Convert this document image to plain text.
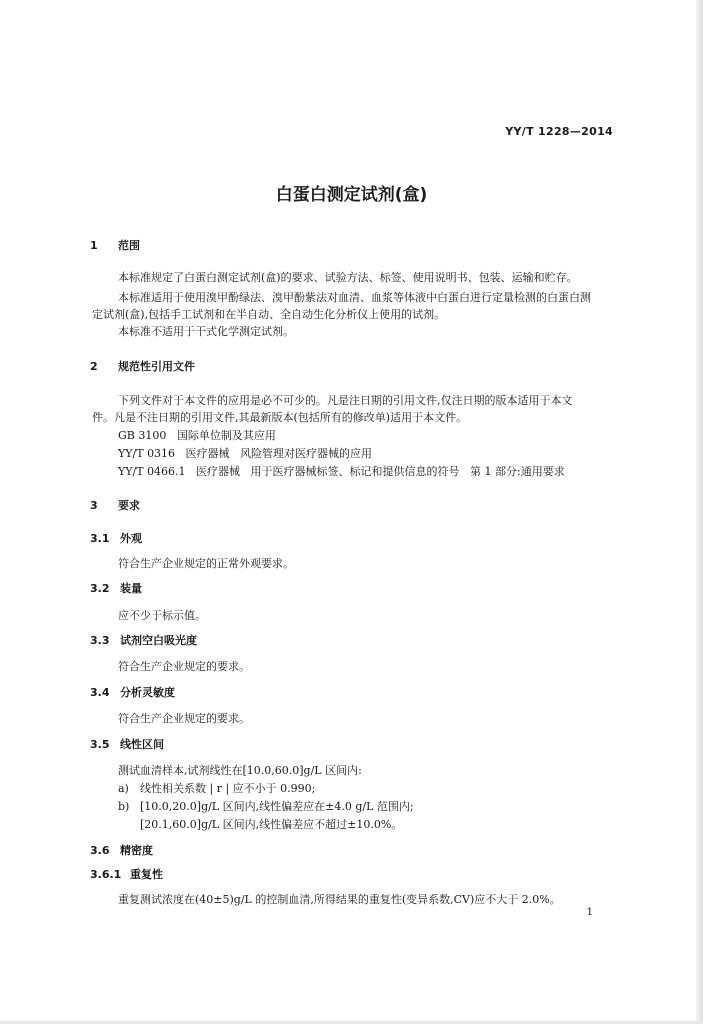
YY/T 1228—2014
白蛋白测定试剂(盒)
1 范围
本标准规定了白蛋白测定试剂(盒)的要求、试验方法、标签、使用说明书、包装、运输和贮存。
本标准适用于使用溴甲酚绿法、溴甲酚紫法对血清、血浆等体液中白蛋白进行定量检测的白蛋白测
定试剂(盒),包括手工试剂和在半自动、全自动生化分析仪上使用的试剂。
本标准不适用于干式化学测定试剂。
2 规范性引用文件
下列文件对于本文件的应用是必不可少的。凡是注日期的引用文件,仅注日期的版本适用于本文
件。凡是不注日期的引用文件,其最新版本(包括所有的修改单)适用于本文件。
GB 3100   国际单位制及其应用
YY/T 0316   医疗器械   风险管理对医疗器械的应用
YY/T 0466.1   医疗器械   用于医疗器械标签、标记和提供信息的符号   第 1 部分:通用要求
3 要求
3.1 外观
符合生产企业规定的正常外观要求。
3.2 装量
应不少于标示值。
3.3 试剂空白吸光度
符合生产企业规定的要求。
3.4 分析灵敏度
符合生产企业规定的要求。
3.5 线性区间
测试血清样本,试剂线性在[10.0,60.0]g/L 区间内:
a) 线性相关系数 | r | 应不小于 0.990;
b) [10.0,20.0]g/L 区间内,线性偏差应在±4.0 g/L 范围内;
[20.1,60.0]g/L 区间内,线性偏差应不超过±10.0%。
3.6 精密度
3.6.1 重复性
重复测试浓度在(40±5)g/L 的控制血清,所得结果的重复性(变异系数,CV)应不大于 2.0%。
1
